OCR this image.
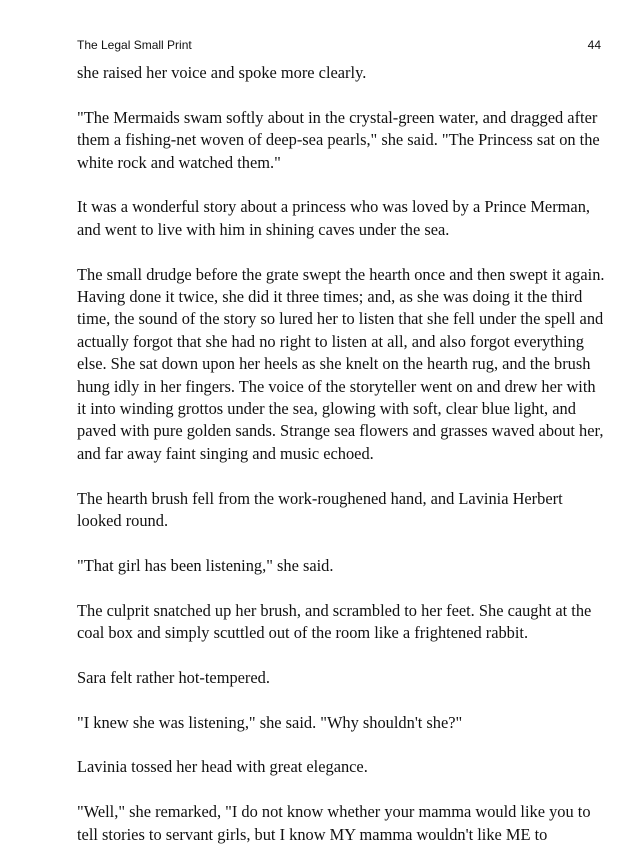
The Legal Small Print	44

she raised her voice and spoke more clearly.

"The Mermaids swam softly about in the crystal-green water, and dragged after them a fishing-net woven of deep-sea pearls," she said. "The Princess sat on the white rock and watched them."

It was a wonderful story about a princess who was loved by a Prince Merman, and went to live with him in shining caves under the sea.

The small drudge before the grate swept the hearth once and then swept it again. Having done it twice, she did it three times; and, as she was doing it the third time, the sound of the story so lured her to listen that she fell under the spell and actually forgot that she had no right to listen at all, and also forgot everything else. She sat down upon her heels as she knelt on the hearth rug, and the brush hung idly in her fingers. The voice of the storyteller went on and drew her with it into winding grottos under the sea, glowing with soft, clear blue light, and paved with pure golden sands. Strange sea flowers and grasses waved about her, and far away faint singing and music echoed.

The hearth brush fell from the work-roughened hand, and Lavinia Herbert looked round.

"That girl has been listening," she said.

The culprit snatched up her brush, and scrambled to her feet. She caught at the coal box and simply scuttled out of the room like a frightened rabbit.

Sara felt rather hot-tempered.

"I knew she was listening," she said. "Why shouldn't she?"

Lavinia tossed her head with great elegance.

"Well," she remarked, "I do not know whether your mamma would like you to tell stories to servant girls, but I know MY mamma wouldn't like ME to
